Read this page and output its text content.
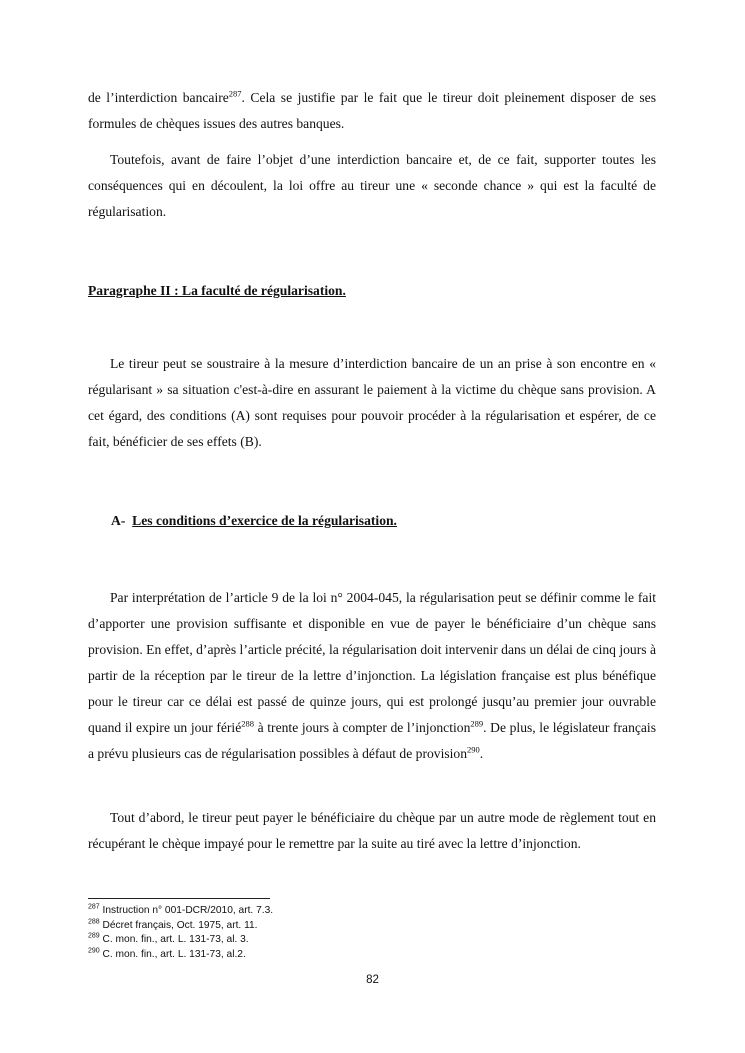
de l’interdiction bancaire$^{287}$. Cela se justifie par le fait que le tireur doit pleinement disposer de ses formules de chèques issues des autres banques.

Toutefois, avant de faire l’objet d’une interdiction bancaire et, de ce fait, supporter toutes les conséquences qui en découlent, la loi offre au tireur une « seconde chance » qui est la faculté de régularisation.

Paragraphe II : La faculté de régularisation.

Le tireur peut se soustraire à la mesure d’interdiction bancaire de un an prise à son encontre en « régularisant » sa situation c'est-à-dire en assurant le paiement à la victime du chèque sans provision. A cet égard, des conditions (A) sont requises pour pouvoir procéder à la régularisation et espérer, de ce fait, bénéficier de ses effets (B).

A- Les conditions d’exercice de la régularisation.

Par interprétation de l’article 9 de la loi n° 2004-045, la régularisation peut se définir comme le fait d’apporter une provision suffisante et disponible en vue de payer le bénéficiaire d’un chèque sans provision. En effet, d’après l’article précité, la régularisation doit intervenir dans un délai de cinq jours à partir de la réception par le tireur de la lettre d’injonction. La législation française est plus bénéfique pour le tireur car ce délai est passé de quinze jours, qui est prolongé jusqu’au premier jour ouvrable quand il expire un jour férié$^{288}$ à trente jours à compter de l’injonction$^{289}$. De plus, le législateur français a prévu plusieurs cas de régularisation possibles à défaut de provision$^{290}$.

Tout d’abord, le tireur peut payer le bénéficiaire du chèque par un autre mode de règlement tout en récupérant le chèque impayé pour le remettre par la suite au tiré avec la lettre d’injonction.

$^{287}$ Instruction n° 001-DCR/2010, art. 7.3.
$^{288}$ Décret français, Oct. 1975, art. 11.
$^{289}$ C. mon. fin., art. L. 131-73, al. 3.
$^{290}$ C. mon. fin., art. L. 131-73, al.2.
82
